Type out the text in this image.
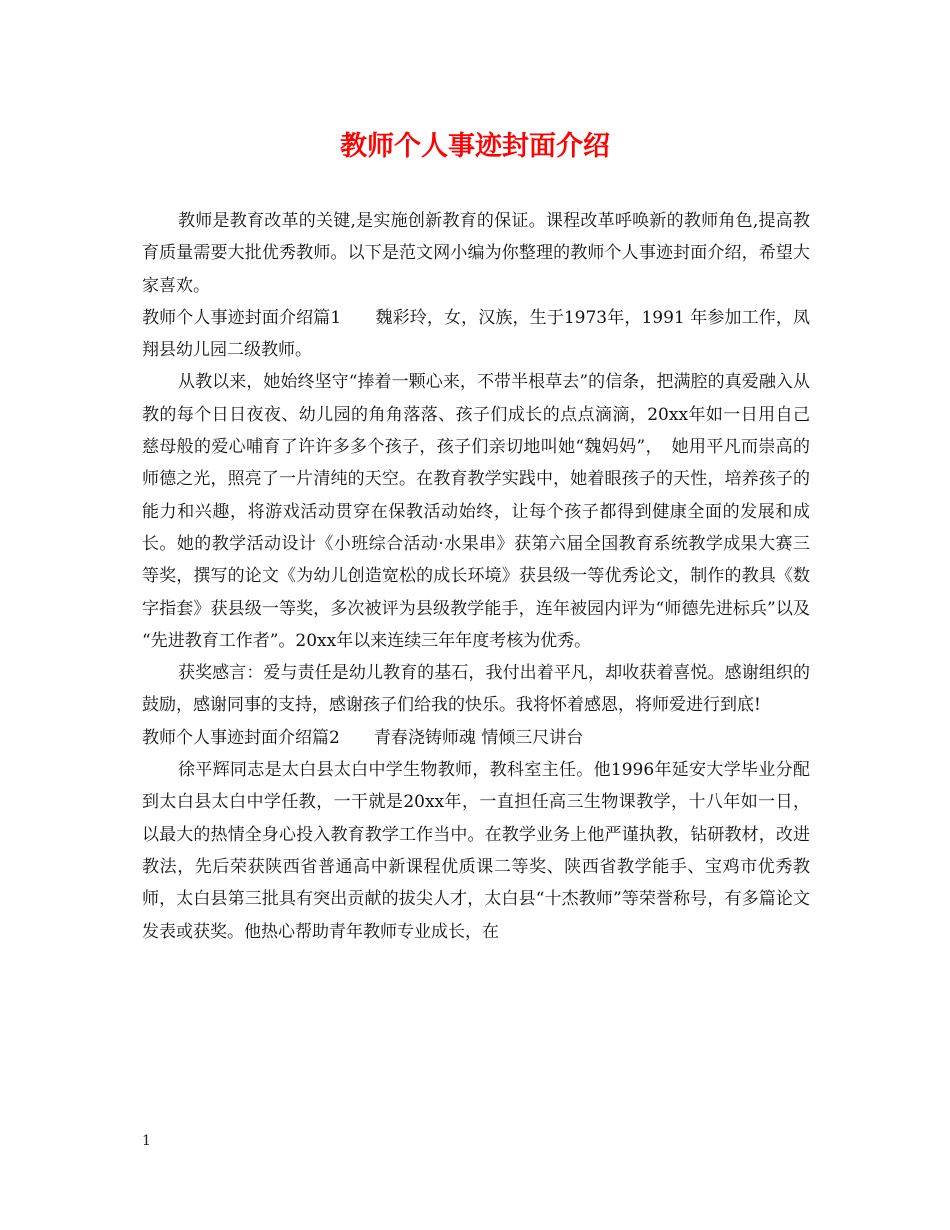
教师个人事迹封面介绍

教师是教育改革的关键,是实施创新教育的保证。课程改革呼唤新的教师角色,提高教育质量需要大批优秀教师。以下是范文网小编为你整理的教师个人事迹封面介绍，希望大家喜欢。

教师个人事迹封面介绍篇1　　魏彩玲，女，汉族，生于1973年，1991 年参加工作，凤翔县幼儿园二级教师。

从教以来，她始终坚守“捧着一颗心来，不带半根草去”的信条，把满腔的真爱融入从教的每个日日夜夜、幼儿园的角角落落、孩子们成长的点点滴滴，20xx年如一日用自己慈母般的爱心哺育了许许多多个孩子，孩子们亲切地叫她“魏妈妈”，　她用平凡而崇高的师德之光，照亮了一片清纯的天空。在教育教学实践中，她着眼孩子的天性，培养孩子的能力和兴趣，将游戏活动贯穿在保教活动始终，让每个孩子都得到健康全面的发展和成长。她的教学活动设计《小班综合活动·水果串》获第六届全国教育系统教学成果大赛三等奖，撰写的论文《为幼儿创造宽松的成长环境》获县级一等优秀论文，制作的教具《数字指套》获县级一等奖，多次被评为县级教学能手，连年被园内评为“师德先进标兵”以及 “先进教育工作者”。20xx年以来连续三年年度考核为优秀。

获奖感言：爱与责任是幼儿教育的基石，我付出着平凡，却收获着喜悦。感谢组织的鼓励，感谢同事的支持，感谢孩子们给我的快乐。我将怀着感恩，将师爱进行到底!

教师个人事迹封面介绍篇2　　青春浇铸师魂 情倾三尺讲台

徐平辉同志是太白县太白中学生物教师，教科室主任。他1996年延安大学毕业分配到太白县太白中学任教，一干就是20xx年，一直担任高三生物课教学，十八年如一日，以最大的热情全身心投入教育教学工作当中。在教学业务上他严谨执教，钻研教材，改进教法，先后荣获陕西省普通高中新课程优质课二等奖、陕西省教学能手、宝鸡市优秀教师，太白县第三批具有突出贡献的拔尖人才，太白县“十杰教师”等荣誉称号，有多篇论文发表或获奖。他热心帮助青年教师专业成长，在

1
